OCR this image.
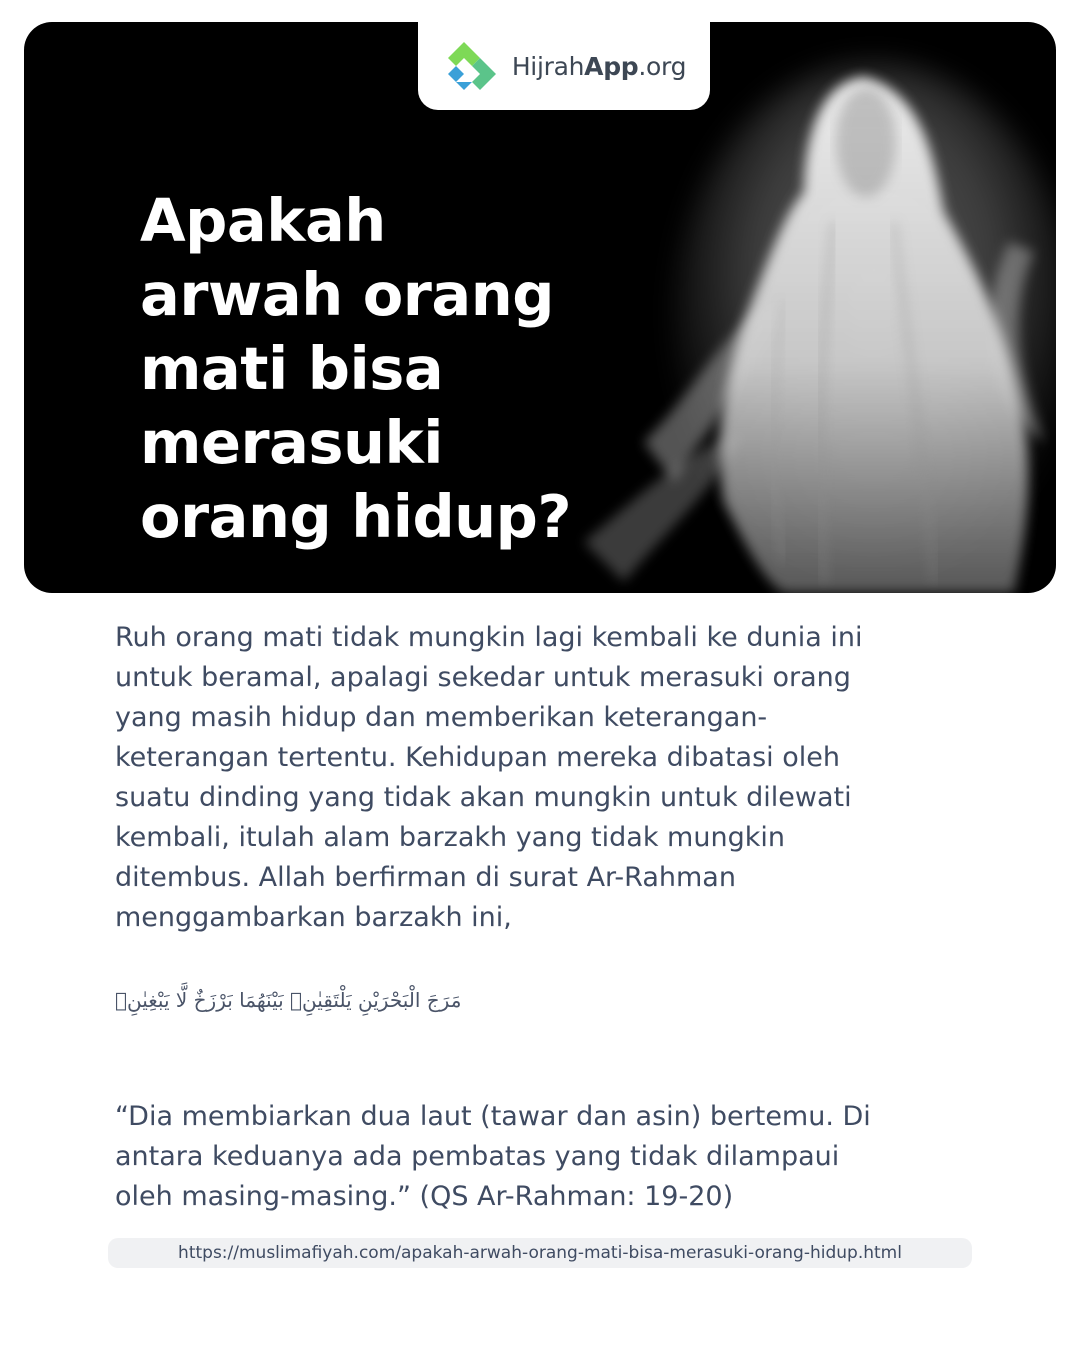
HijrahApp.org
Apakah
arwah orang
mati bisa
merasuki
orang hidup?
Ruh orang mati tidak mungkin lagi kembali ke dunia ini
untuk beramal, apalagi sekedar untuk merasuki orang
yang masih hidup dan memberikan keterangan-
keterangan tertentu. Kehidupan mereka dibatasi oleh
suatu dinding yang tidak akan mungkin untuk dilewati
kembali, itulah alam barzakh yang tidak mungkin
ditembus. Allah berfirman di surat Ar-Rahman
menggambarkan barzakh ini,
مَرَجَ الْبَحْرَيْنِ يَلْتَقِيٰنِۙ بَيْنَهُمَا بَرْزَخٌ لَّا يَبْغِيٰنِۚ
“Dia membiarkan dua laut (tawar dan asin) bertemu. Di
antara keduanya ada pembatas yang tidak dilampaui
oleh masing-masing.” (QS Ar-Rahman: 19-20)
https://muslimafiyah.com/apakah-arwah-orang-mati-bisa-merasuki-orang-hidup.html
